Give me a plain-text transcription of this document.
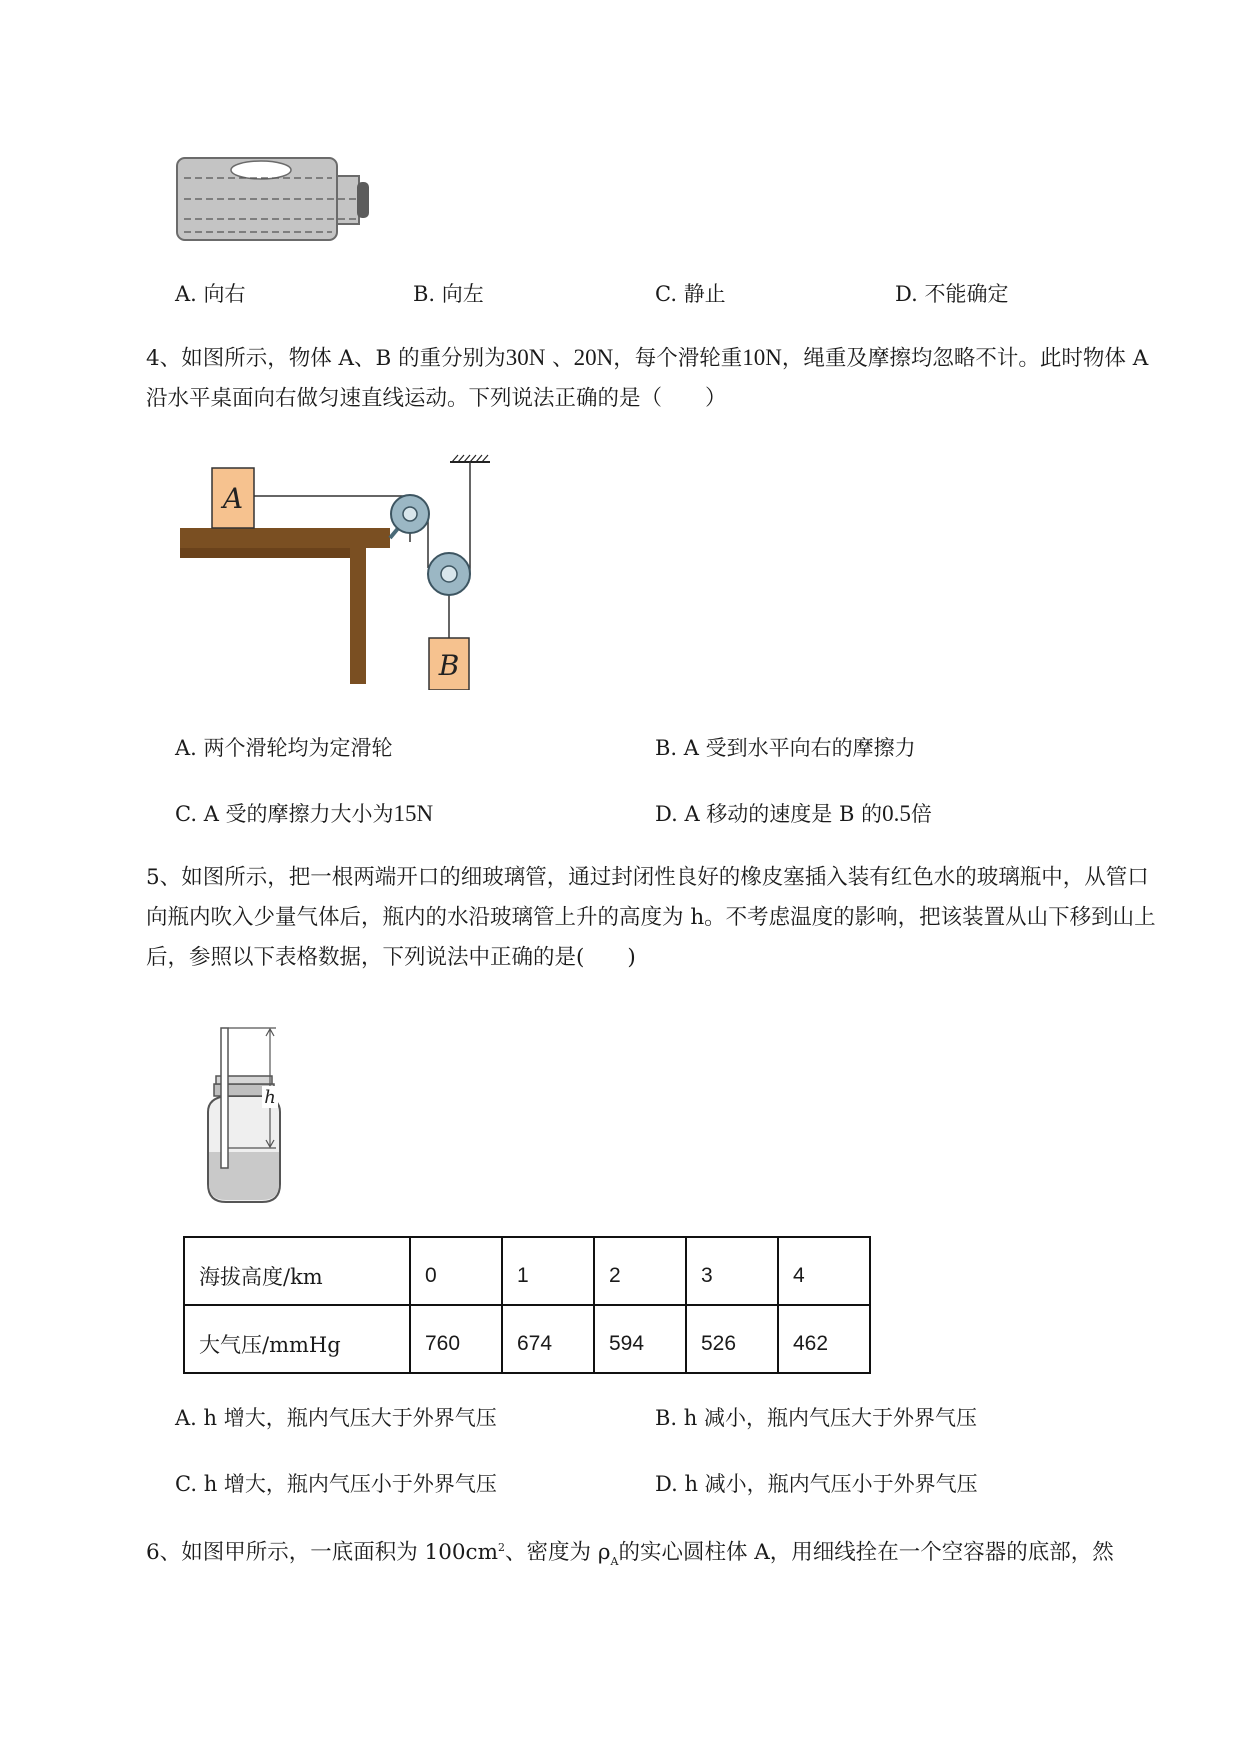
A. 向右	B. 向左	C. 静止	D. 不能确定
4、如图所示，物体 A、B 的重分别为30N 、20N，每个滑轮重10N，绳重及摩擦均忽略不计。此时物体 A 沿水平桌面向右做匀速直线运动。下列说法正确的是（　　）
A
B
A. 两个滑轮均为定滑轮	B. A 受到水平向右的摩擦力
C. A 受的摩擦力大小为15N	D. A 移动的速度是 B 的0.5倍
5、如图所示，把一根两端开口的细玻璃管，通过封闭性良好的橡皮塞插入装有红色水的玻璃瓶中，从管口向瓶内吹入少量气体后，瓶内的水沿玻璃管上升的高度为 h。不考虑温度的影响，把该装置从山下移到山上后，参照以下表格数据，下列说法中正确的是(　　)
h
海拔高度/km	0	1	2	3	4
大气压/mmHg	760	674	594	526	462
A. h 增大，瓶内气压大于外界气压	B. h 减小，瓶内气压大于外界气压
C. h 增大，瓶内气压小于外界气压	D. h 减小，瓶内气压小于外界气压
6、如图甲所示，一底面积为 $100cm^2$、密度为 $\rho_A$的实心圆柱体 A，用细线拴在一个空容器的底部，然
